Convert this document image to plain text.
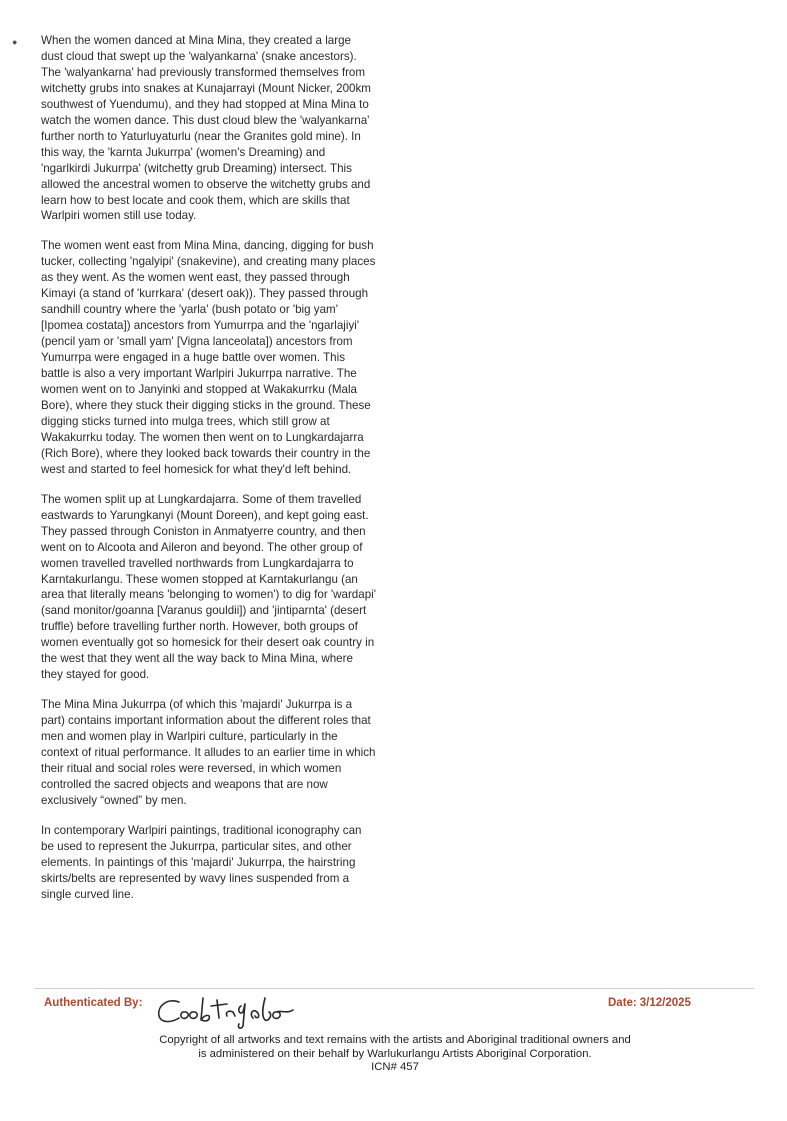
● When the women danced at Mina Mina, they created a large dust cloud that swept up the 'walyankarna' (snake ancestors). The 'walyankarna' had previously transformed themselves from witchetty grubs into snakes at Kunajarrayi (Mount Nicker, 200km southwest of Yuendumu), and they had stopped at Mina Mina to watch the women dance. This dust cloud blew the 'walyankarna' further north to Yaturluyaturlu (near the Granites gold mine). In this way, the 'karnta Jukurrpa' (women's Dreaming) and 'ngarlkirdi Jukurrpa' (witchetty grub Dreaming) intersect. This allowed the ancestral women to observe the witchetty grubs and learn how to best locate and cook them, which are skills that Warlpiri women still use today.

The women went east from Mina Mina, dancing, digging for bush tucker, collecting 'ngalyipi' (snakevine), and creating many places as they went. As the women went east, they passed through Kimayi (a stand of 'kurrkara' (desert oak)). They passed through sandhill country where the 'yarla' (bush potato or 'big yam' [Ipomea costata]) ancestors from Yumurrpa and the 'ngarlajiyi' (pencil yam or 'small yam' [Vigna lanceolata]) ancestors from Yumurrpa were engaged in a huge battle over women. This battle is also a very important Warlpiri Jukurrpa narrative. The women went on to Janyinki and stopped at Wakakurrku (Mala Bore), where they stuck their digging sticks in the ground. These digging sticks turned into mulga trees, which still grow at Wakakurrku today. The women then went on to Lungkardajarra (Rich Bore), where they looked back towards their country in the west and started to feel homesick for what they'd left behind.

The women split up at Lungkardajarra. Some of them travelled eastwards to Yarungkanyi (Mount Doreen), and kept going east. They passed through Coniston in Anmatyerre country, and then went on to Alcoota and Aileron and beyond. The other group of women travelled travelled northwards from Lungkardajarra to Karntakurlangu. These women stopped at Karntakurlangu (an area that literally means 'belonging to women') to dig for 'wardapi' (sand monitor/goanna [Varanus gouldii]) and 'jintiparnta' (desert truffle) before travelling further north. However, both groups of women eventually got so homesick for their desert oak country in the west that they went all the way back to Mina Mina, where they stayed for good.

The Mina Mina Jukurrpa (of which this 'majardi' Jukurrpa is a part) contains important information about the different roles that men and women play in Warlpiri culture, particularly in the context of ritual performance. It alludes to an earlier time in which their ritual and social roles were reversed, in which women controlled the sacred objects and weapons that are now exclusively “owned” by men.

In contemporary Warlpiri paintings, traditional iconography can be used to represent the Jukurrpa, particular sites, and other elements. In paintings of this 'majardi' Jukurrpa, the hairstring skirts/belts are represented by wavy lines suspended from a single curved line.

Authenticated By:	Date: 3/12/2025
Copyright of all artworks and text remains with the artists and Aboriginal traditional owners and
is administered on their behalf by Warlukurlangu Artists Aboriginal Corporation.
ICN# 457
